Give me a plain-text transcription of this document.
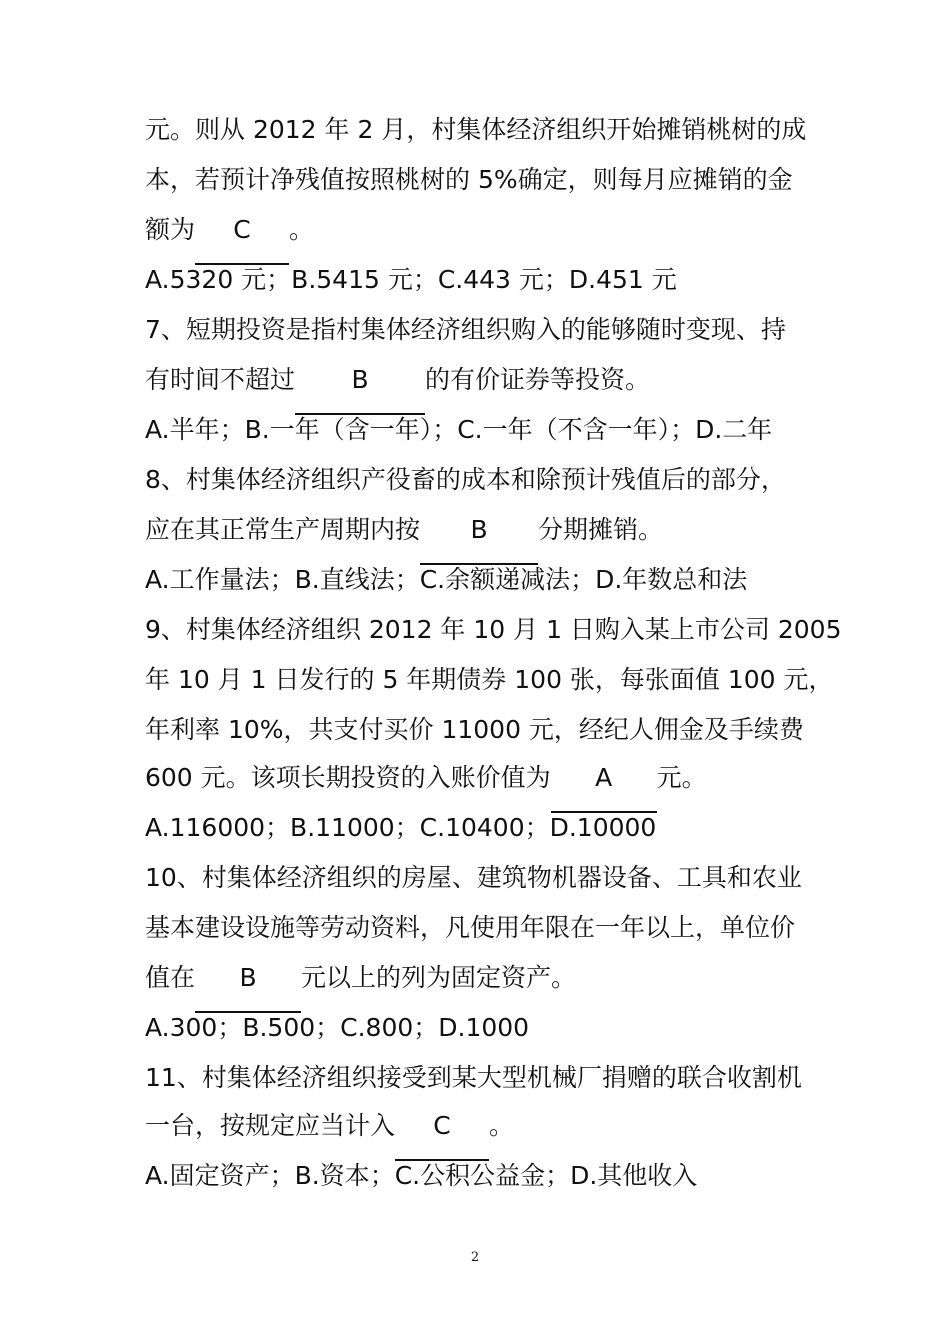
元。则从 2012 年 2 月，村集体经济组织开始摊销桃树的成
本，若预计净残值按照桃树的 5%确定，则每月应摊销的金
额为 C 。
A.5320 元；B.5415 元；C.443 元；D.451 元
7、短期投资是指村集体经济组织购入的能够随时变现、持
有时间不超过 B 的有价证券等投资。
A.半年；B.一年（含一年）；C.一年（不含一年）；D.二年
8、村集体经济组织产役畜的成本和除预计残值后的部分，
应在其正常生产周期内按 B 分期摊销。
A.工作量法；B.直线法；C.余额递减法；D.年数总和法
9、村集体经济组织 2012 年 10 月 1 日购入某上市公司 2005
年 10 月 1 日发行的 5 年期债券 100 张，每张面值 100 元，
年利率 10%，共支付买价 11000 元，经纪人佣金及手续费
600 元。该项长期投资的入账价值为 A 元。
A.116000；B.11000；C.10400；D.10000
10、村集体经济组织的房屋、建筑物机器设备、工具和农业
基本建设设施等劳动资料，凡使用年限在一年以上，单位价
值在 B 元以上的列为固定资产。
A.300；B.500；C.800；D.1000
11、村集体经济组织接受到某大型机械厂捐赠的联合收割机
一台，按规定应当计入 C 。
A.固定资产；B.资本；C.公积公益金；D.其他收入
2
